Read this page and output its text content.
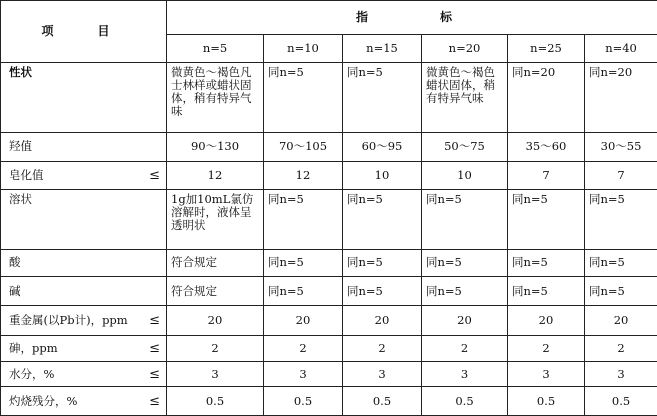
项　目	指　　标					
	n=5	n=10	n=15	n=20	n=25	n=40

性状	微黄色～褐色凡士林样或蜡状固体，稍有特异气味	同n=5	同n=5	微黄色～褐色蜡状固体，稍有特异气味	同n=20	同n=20

羟值	90～130	70～105	60～95	50～75	35～60	30～55

皂化值 ≤	12	12	10	10	7	7

溶状	1g加10mL氯仿溶解时，液体呈透明状	同n=5	同n=5	同n=5	同n=5	同n=5

酸	符合规定	同n=5	同n=5	同n=5	同n=5	同n=5

碱	符合规定	同n=5	同n=5	同n=5	同n=5	同n=5

重金属(以Pb计)，ppm ≤	20	20	20	20	20	20

砷，ppm ≤	2	2	2	2	2	2

水分，% ≤	3	3	3	3	3	3

灼烧残分，% ≤	0.5	0.5	0.5	0.5	0.5	0.5
